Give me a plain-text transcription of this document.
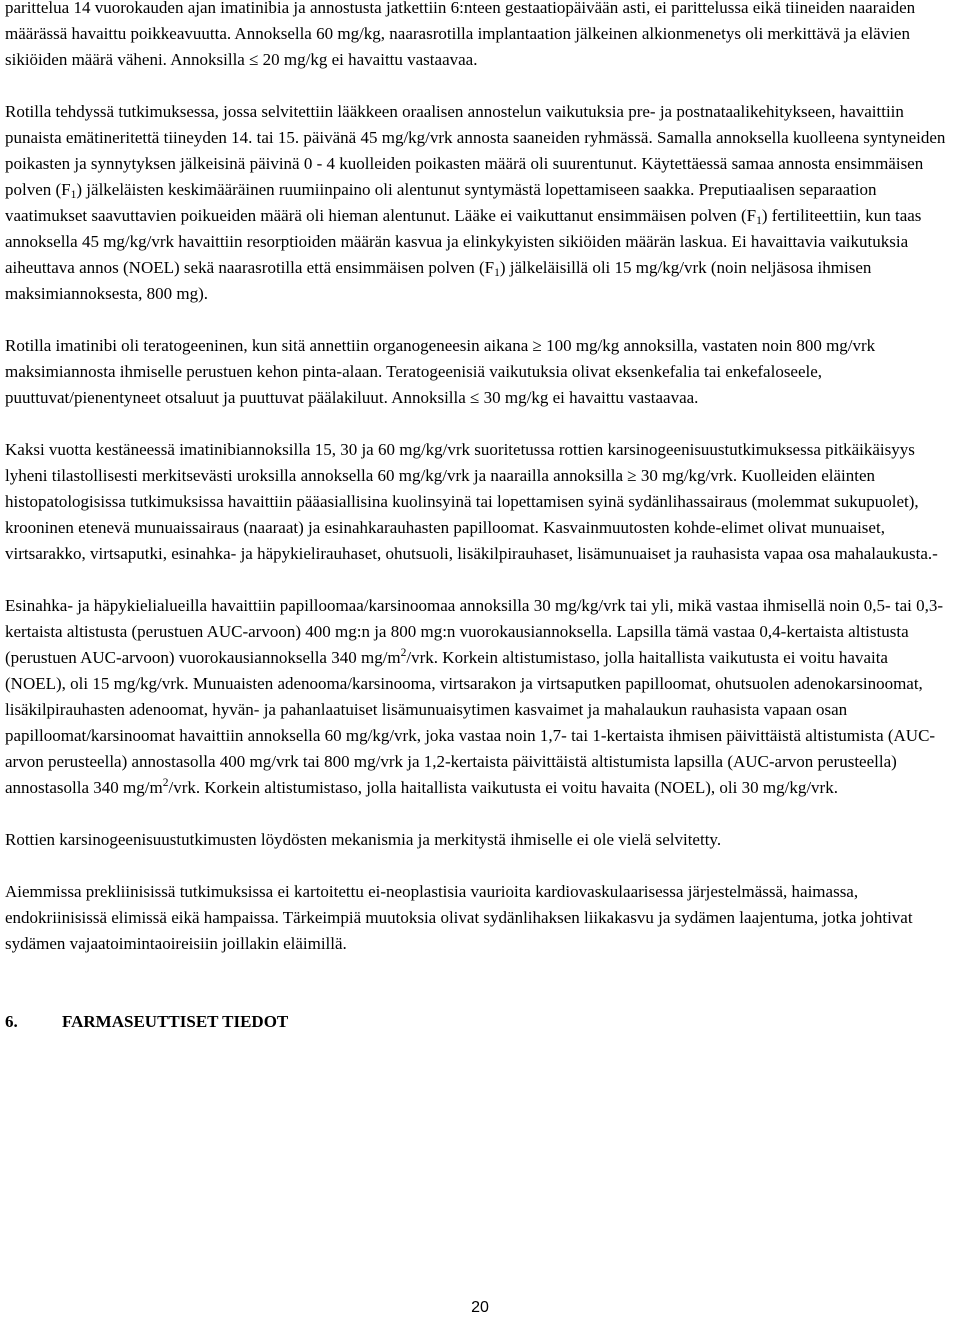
parittelua 14 vuorokauden ajan imatinibia ja annostusta jatkettiin 6:nteen gestaatiopäivään asti, ei parittelussa eikä tiineiden naaraiden määrässä havaittu poikkeavuutta. Annoksella 60 mg/kg, naarasrotilla implantaation jälkeinen alkionmenetys oli merkittävä ja elävien sikiöiden määrä väheni. Annoksilla ≤ 20 mg/kg ei havaittu vastaavaa.

Rotilla tehdyssä tutkimuksessa, jossa selvitettiin lääkkeen oraalisen annostelun vaikutuksia pre- ja postnataalikehitykseen, havaittiin punaista emätineritettä tiineyden 14. tai 15. päivänä 45 mg/kg/vrk annosta saaneiden ryhmässä. Samalla annoksella kuolleena syntyneiden poikasten ja synnytyksen jälkeisinä päivinä 0 - 4 kuolleiden poikasten määrä oli suurentunut. Käytettäessä samaa annosta ensimmäisen polven $(F_1)$ jälkeläisten keskimääräinen ruumiinpaino oli alentunut syntymästä lopettamiseen saakka. Preputiaalisen separaation vaatimukset saavuttavien poikueiden määrä oli hieman alentunut. Lääke ei vaikuttanut ensimmäisen polven $(F_1)$ fertiliteettiin, kun taas annoksella 45 mg/kg/vrk havaittiin resorptioiden määrän kasvua ja elinkykyisten sikiöiden määrän laskua. Ei havaittavia vaikutuksia aiheuttava annos (NOEL) sekä naarasrotilla että ensimmäisen polven $(F_1)$ jälkeläisillä oli 15 mg/kg/vrk (noin neljäsosa ihmisen maksimiannoksesta, 800 mg).

Rotilla imatinibi oli teratogeeninen, kun sitä annettiin organogeneesin aikana ≥ 100 mg/kg annoksilla, vastaten noin 800 mg/vrk maksimiannosta ihmiselle perustuen kehon pinta-alaan. Teratogeenisiä vaikutuksia olivat eksenkefalia tai enkefaloseele, puuttuvat/pienentyneet otsaluut ja puuttuvat päälakiluut. Annoksilla ≤ 30 mg/kg ei havaittu vastaavaa.

Kaksi vuotta kestäneessä imatinibiannoksilla 15, 30 ja 60 mg/kg/vrk suoritetussa rottien karsinogeenisuustutkimuksessa pitkäikäisyys lyheni tilastollisesti merkitsevästi uroksilla annoksella 60 mg/kg/vrk ja naarailla annoksilla ≥ 30 mg/kg/vrk. Kuolleiden eläinten histopatologisissa tutkimuksissa havaittiin pääasiallisina kuolinsyinä tai lopettamisen syinä sydänlihassairaus (molemmat sukupuolet), krooninen etenevä munuaissairaus (naaraat) ja esinahkarauhasten papilloomat. Kasvainmuutosten kohde-elimet olivat munuaiset, virtsarakko, virtsaputki, esinahka- ja häpykielirauhaset, ohutsuoli, lisäkilpirauhaset, lisämunuaiset ja rauhasista vapaa osa mahalaukusta.-

Esinahka- ja häpykielialueilla havaittiin papilloomaa/karsinoomaa annoksilla 30 mg/kg/vrk tai yli, mikä vastaa ihmisellä noin 0,5- tai 0,3-kertaista altistusta (perustuen AUC-arvoon) 400 mg:n ja 800 mg:n vuorokausiannoksella. Lapsilla tämä vastaa 0,4-kertaista altistusta (perustuen AUC-arvoon) vuorokausiannoksella 340 $mg/m^2$/vrk. Korkein altistumistaso, jolla haitallista vaikutusta ei voitu havaita (NOEL), oli 15 mg/kg/vrk. Munuaisten adenooma/karsinooma, virtsarakon ja virtsaputken papilloomat, ohutsuolen adenokarsinoomat, lisäkilpirauhasten adenoomat, hyvän- ja pahanlaatuiset lisämunuaisytimen kasvaimet ja mahalaukun rauhasista vapaan osan papilloomat/karsinoomat havaittiin annoksella 60 mg/kg/vrk, joka vastaa noin 1,7- tai 1-kertaista ihmisen päivittäistä altistumista (AUC-arvon perusteella) annostasolla 400 mg/vrk tai 800 mg/vrk ja 1,2-kertaista päivittäistä altistumista lapsilla (AUC-arvon perusteella) annostasolla 340 $mg/m^2$/vrk. Korkein altistumistaso, jolla haitallista vaikutusta ei voitu havaita (NOEL), oli 30 mg/kg/vrk.

Rottien karsinogeenisuustutkimusten löydösten mekanismia ja merkitystä ihmiselle ei ole vielä selvitetty.

Aiemmissa prekliinisissä tutkimuksissa ei kartoitettu ei-neoplastisia vaurioita kardiovaskulaarisessa järjestelmässä, haimassa, endokriinisissä elimissä eikä hampaissa. Tärkeimpiä muutoksia olivat sydänlihaksen liikakasvu ja sydämen laajentuma, jotka johtivat sydämen vajaatoimintaoireisiin joillakin eläimillä.

6.	FARMASEUTTISET TIEDOT
20
